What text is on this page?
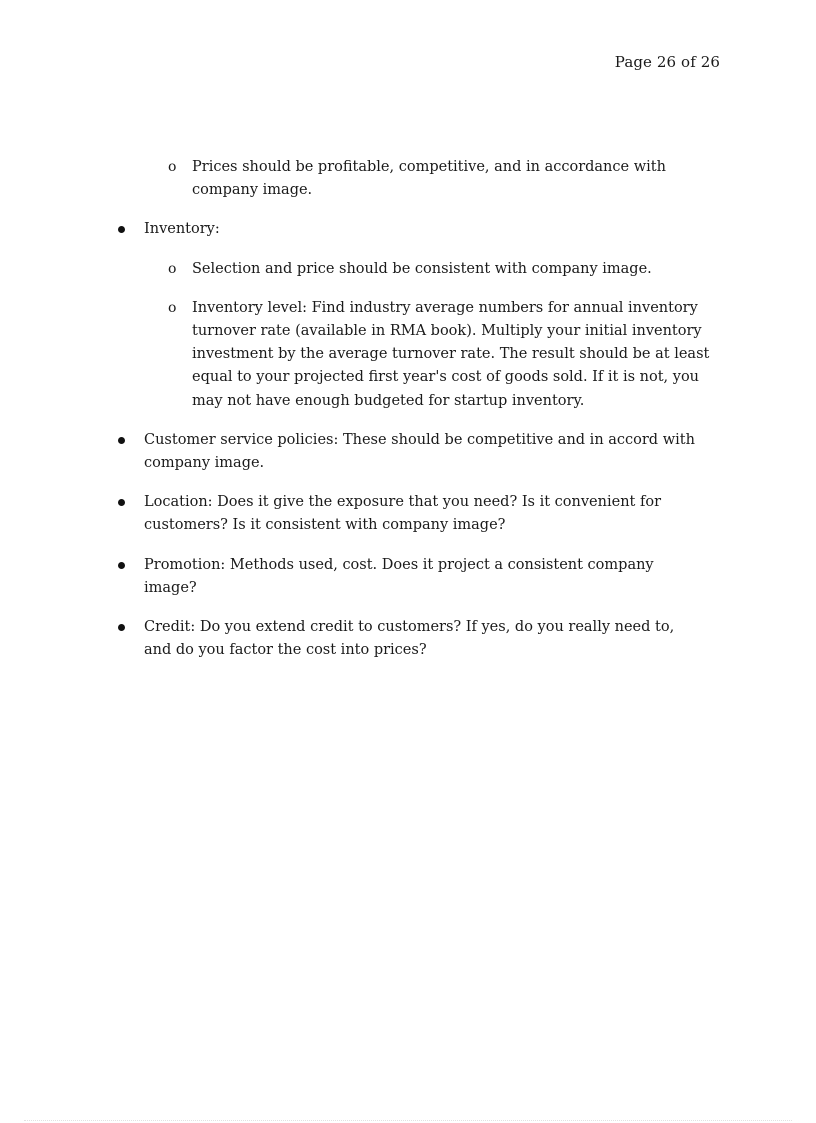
Page 26 of 26
o Prices should be profitable, competitive, and in accordance with company image.
Inventory:
o Selection and price should be consistent with company image.
o Inventory level: Find industry average numbers for annual inventory turnover rate (available in RMA book). Multiply your initial inventory investment by the average turnover rate. The result should be at least equal to your projected first year's cost of goods sold. If it is not, you may not have enough budgeted for startup inventory.
Customer service policies: These should be competitive and in accord with company image.
Location: Does it give the exposure that you need? Is it convenient for customers? Is it consistent with company image?
Promotion: Methods used, cost. Does it project a consistent company image?
Credit: Do you extend credit to customers? If yes, do you really need to, and do you factor the cost into prices?
